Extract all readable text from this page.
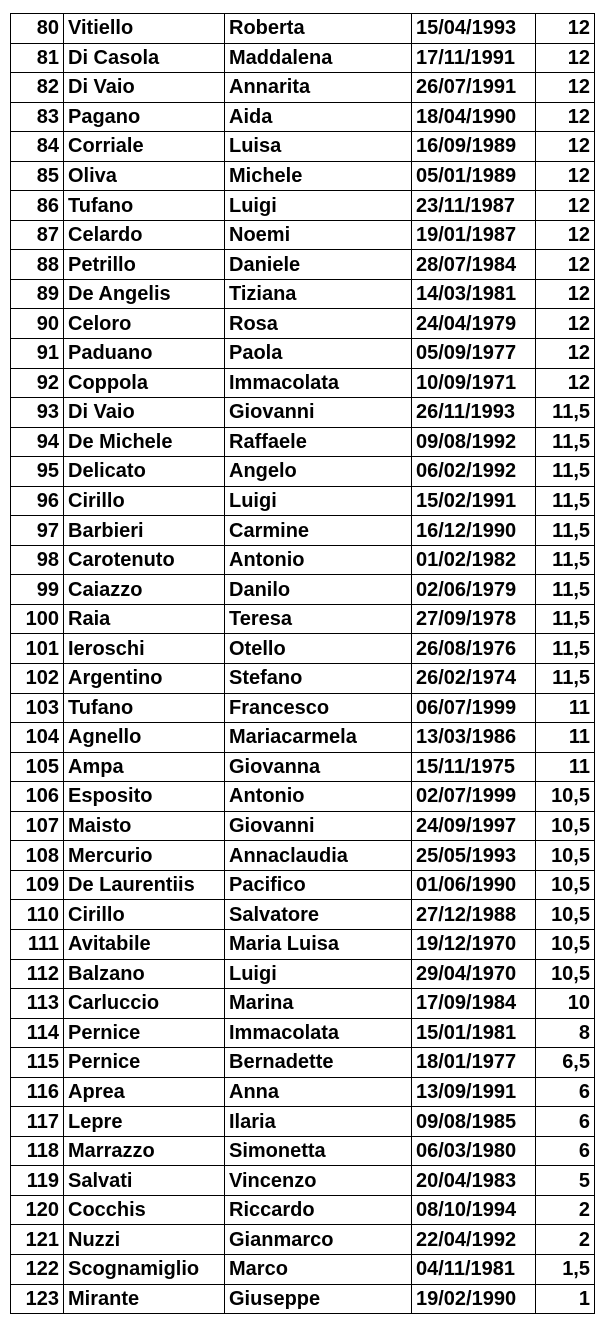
80	Vitiello	Roberta	15/04/1993	12
81	Di Casola	Maddalena	17/11/1991	12
82	Di Vaio	Annarita	26/07/1991	12
83	Pagano	Aida	18/04/1990	12
84	Corriale	Luisa	16/09/1989	12
85	Oliva	Michele	05/01/1989	12
86	Tufano	Luigi	23/11/1987	12
87	Celardo	Noemi	19/01/1987	12
88	Petrillo	Daniele	28/07/1984	12
89	De Angelis	Tiziana	14/03/1981	12
90	Celoro	Rosa	24/04/1979	12
91	Paduano	Paola	05/09/1977	12
92	Coppola	Immacolata	10/09/1971	12
93	Di Vaio	Giovanni	26/11/1993	11,5
94	De Michele	Raffaele	09/08/1992	11,5
95	Delicato	Angelo	06/02/1992	11,5
96	Cirillo	Luigi	15/02/1991	11,5
97	Barbieri	Carmine	16/12/1990	11,5
98	Carotenuto	Antonio	01/02/1982	11,5
99	Caiazzo	Danilo	02/06/1979	11,5
100	Raia	Teresa	27/09/1978	11,5
101	Ieroschi	Otello	26/08/1976	11,5
102	Argentino	Stefano	26/02/1974	11,5
103	Tufano	Francesco	06/07/1999	11
104	Agnello	Mariacarmela	13/03/1986	11
105	Ampa	Giovanna	15/11/1975	11
106	Esposito	Antonio	02/07/1999	10,5
107	Maisto	Giovanni	24/09/1997	10,5
108	Mercurio	Annaclaudia	25/05/1993	10,5
109	De Laurentiis	Pacifico	01/06/1990	10,5
110	Cirillo	Salvatore	27/12/1988	10,5
111	Avitabile	Maria Luisa	19/12/1970	10,5
112	Balzano	Luigi	29/04/1970	10,5
113	Carluccio	Marina	17/09/1984	10
114	Pernice	Immacolata	15/01/1981	8
115	Pernice	Bernadette	18/01/1977	6,5
116	Aprea	Anna	13/09/1991	6
117	Lepre	Ilaria	09/08/1985	6
118	Marrazzo	Simonetta	06/03/1980	6
119	Salvati	Vincenzo	20/04/1983	5
120	Cocchis	Riccardo	08/10/1994	2
121	Nuzzi	Gianmarco	22/04/1992	2
122	Scognamiglio	Marco	04/11/1981	1,5
123	Mirante	Giuseppe	19/02/1990	1
